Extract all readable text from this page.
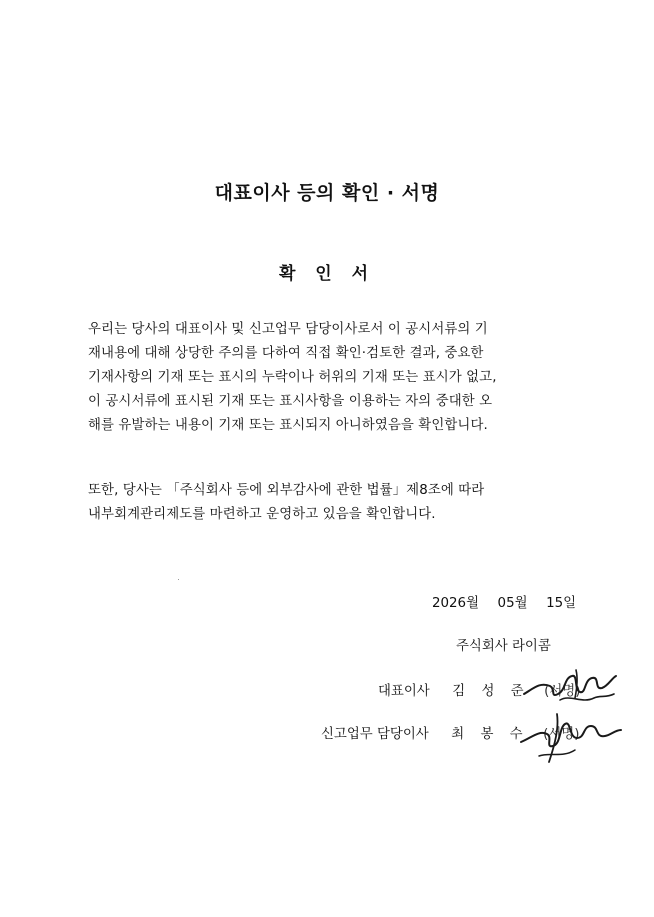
대표이사 등의 확인 · 서명
확 인 서
우리는 당사의 대표이사 및 신고업무 담당이사로서 이 공시서류의 기
재내용에 대해 상당한 주의를 다하여 직접 확인·검토한 결과, 중요한
기재사항의 기재 또는 표시의 누락이나 허위의 기재 또는 표시가 없고,
이 공시서류에 표시된 기재 또는 표시사항을 이용하는 자의 중대한 오
해를 유발하는 내용이 기재 또는 표시되지 아니하였음을 확인합니다.
또한, 당사는 「주식회사 등에 외부감사에 관한 법률」제8조에 따라
내부회계관리제도를 마련하고 운영하고 있음을 확인합니다.
2026월 05월 15일
주식회사 라이콤
대표이사 김 성 준 (서명)
신고업무 담당이사 최 봉 수 (서명)
